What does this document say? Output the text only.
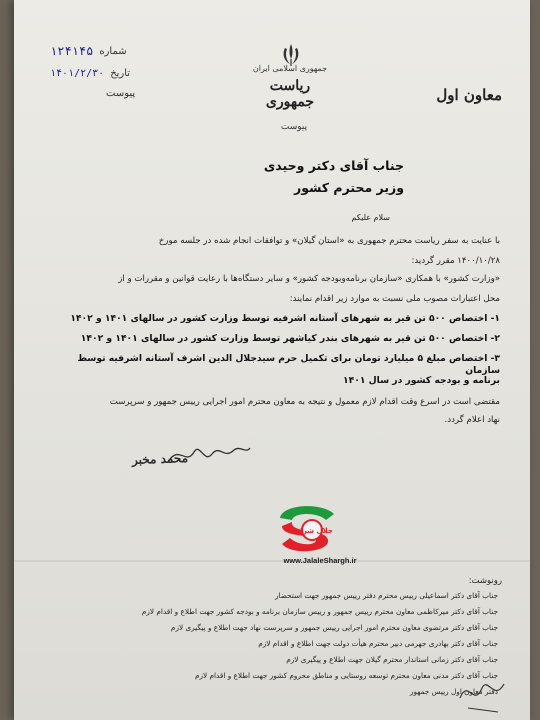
جمهوری اسلامی ایران
ریاست جمهوری
پیوست
معاون اول
۱۲۴۱۴۵ شماره
۱۴۰۱/۲/۳۰ تاریخ
پیوست
جناب آقای دکتر وحیدی
وزیر محترم کشور
سلام علیکم
با عنایت به سفر ریاست محترم جمهوری به «استان گیلان» و توافقات انجام شده در جلسه مورخ
۱۴۰۰/۱۰/۲۸ مقرر گردید:
«وزارت کشور» با همکاری «سازمان برنامه‌وبودجه کشور» و سایر دستگاه‌ها با رعایت قوانین و مقررات و از
محل اعتبارات مصوب ملی نسبت به موارد زیر اقدام نمایند:
۱- اختصاص ۵۰۰ تن قیر به شهرهای آستانه اشرفیه توسط وزارت کشور در سالهای ۱۴۰۱ و ۱۴۰۲
۲- اختصاص ۵۰۰ تن قیر به شهرهای بندر کیاشهر توسط وزارت کشور در سالهای ۱۴۰۱ و ۱۴۰۲
۳- اختصاص مبلغ ۵ میلیارد تومان برای تکمیل حرم سیدجلال الدین اشرف آستانه اشرفیه توسط سازمان
برنامه و بودجه کشور در سال ۱۴۰۱
مقتضی است در اسرع وقت اقدام لازم معمول و نتیجه به معاون محترم امور اجرایی رییس جمهور و سرپرست
نهاد اعلام گردد.
محمد مخبر
جلال شرقی
www.JalaleShargh.ir
رونوشت:
جناب آقای دکتر اسماعیلی رییس محترم دفتر رییس جمهور جهت استحضار
جناب آقای دکتر میرکاظمی معاون محترم رییس جمهور و رییس سازمان برنامه و بودجه کشور جهت اطلاع و اقدام لازم
جناب آقای دکتر مرتضوی معاون محترم امور اجرایی رییس جمهور و سرپرست نهاد جهت اطلاع و پیگیری لازم
جناب آقای دکتر بهادری جهرمی دبیر محترم هیأت دولت جهت اطلاع و اقدام لازم
جناب آقای دکتر زمانی استاندار محترم گیلان جهت اطلاع و پیگیری لازم
جناب آقای دکتر مدنی معاون محترم توسعه روستایی و مناطق محروم کشور جهت اطلاع و اقدام لازم
دفتر معاون اول رییس جمهور
